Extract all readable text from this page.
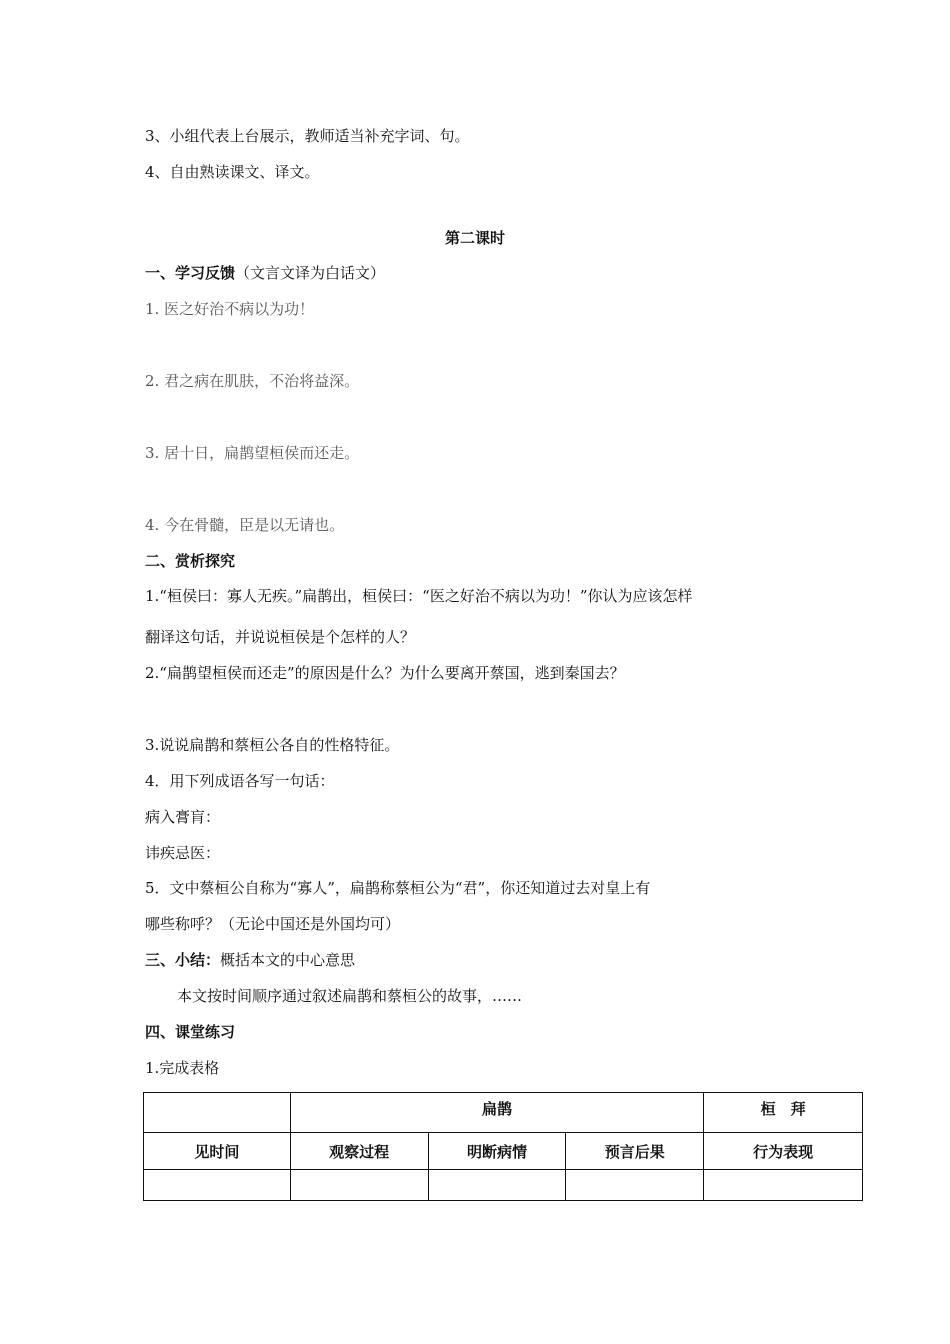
3、小组代表上台展示，教师适当补充字词、句。
4、自由熟读课文、译文。
第二课时
一、学习反馈（文言文译为白话文）
1. 医之好治不病以为功！
2. 君之病在肌肤，不治将益深。
3. 居十日，扁鹊望桓侯而还走。
4. 今在骨髓，臣是以无请也。
二、赏析探究
1.“桓侯曰：寡人无疾。”扁鹊出，桓侯曰：“医之好治不病以为功！”你认为应该怎样
翻译这句话，并说说桓侯是个怎样的人？
2.“扁鹊望桓侯而还走”的原因是什么？为什么要离开蔡国，逃到秦国去？
3.说说扁鹊和蔡桓公各自的性格特征。
4．用下列成语各写一句话：
病入膏肓：
讳疾忌医：
5．文中蔡桓公自称为“寡人”，扁鹊称蔡桓公为“君”，你还知道过去对皇上有
哪些称呼？（无论中国还是外国均可）
三、小结：概括本文的中心意思
本文按时间顺序通过叙述扁鹊和蔡桓公的故事，……
四、课堂练习
1.完成表格
	扁鹊			桓　拜
见时间	观察过程	明断病情	预言后果	行为表现
